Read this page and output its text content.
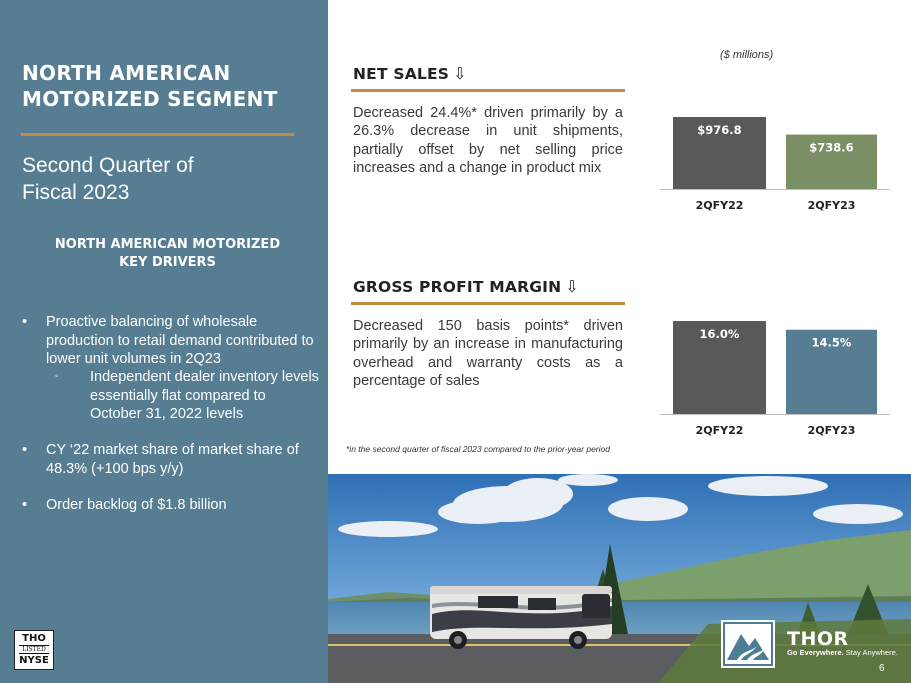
NORTH AMERICAN
MOTORIZED SEGMENT
Second Quarter of
Fiscal 2023
NORTH AMERICAN MOTORIZED
KEY DRIVERS
• Proactive balancing of wholesale production to retail demand contributed to lower unit volumes in 2Q23
◦ Independent dealer inventory levels essentially flat compared to October 31, 2022 levels
• CY ‘22 market share of market share of 48.3% (+100 bps y/y)
• Order backlog of $1.8 billion
THO
LISTED
NYSE
NET SALES ⇩

Decreased 24.4%* driven primarily by a 26.3% decrease in unit shipments, partially offset by net selling price increases and a change in product mix

($ millions)
$976.8
2QFY22
$738.6
2QFY23
GROSS PROFIT MARGIN ⇩

Decreased 150 basis points* driven primarily by an increase in manufacturing overhead and warranty costs as a percentage of sales

16.0%
2QFY22
14.5%
2QFY23
*in the second quarter of fiscal 2023 compared to the prior-year period
THOR
Go Everywhere. Stay Anywhere.
6
